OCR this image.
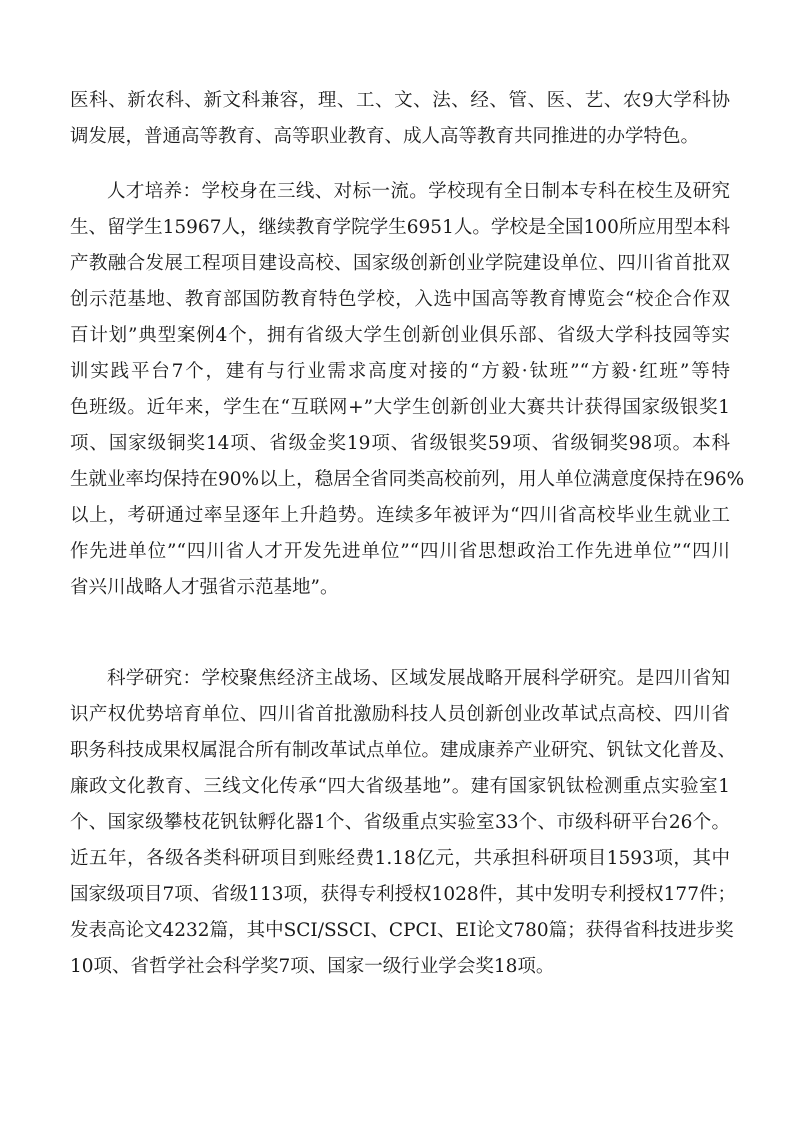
医科、新农科、新文科兼容，理、工、文、法、经、管、医、艺、农9大学科协
调发展，普通高等教育、高等职业教育、成人高等教育共同推进的办学特色。
人才培养：学校身在三线、对标一流。学校现有全日制本专科在校生及研究
生、留学生15967人，继续教育学院学生6951人。学校是全国100所应用型本科
产教融合发展工程项目建设高校、国家级创新创业学院建设单位、四川省首批双
创示范基地、教育部国防教育特色学校，入选中国高等教育博览会“校企合作双
百计划”典型案例4个，拥有省级大学生创新创业俱乐部、省级大学科技园等实
训实践平台7个，建有与行业需求高度对接的“方毅·钛班”“方毅·红班”等特
色班级。近年来，学生在“互联网+”大学生创新创业大赛共计获得国家级银奖1
项、国家级铜奖14项、省级金奖19项、省级银奖59项、省级铜奖98项。本科
生就业率均保持在90%以上，稳居全省同类高校前列，用人单位满意度保持在96%
以上，考研通过率呈逐年上升趋势。连续多年被评为“四川省高校毕业生就业工
作先进单位”“四川省人才开发先进单位”“四川省思想政治工作先进单位”“四川
省兴川战略人才强省示范基地”。
科学研究：学校聚焦经济主战场、区域发展战略开展科学研究。是四川省知
识产权优势培育单位、四川省首批激励科技人员创新创业改革试点高校、四川省
职务科技成果权属混合所有制改革试点单位。建成康养产业研究、钒钛文化普及、
廉政文化教育、三线文化传承“四大省级基地”。建有国家钒钛检测重点实验室1
个、国家级攀枝花钒钛孵化器1个、省级重点实验室33个、市级科研平台26个。
近五年，各级各类科研项目到账经费1.18亿元，共承担科研项目1593项，其中
国家级项目7项、省级113项，获得专利授权1028件，其中发明专利授权177件；
发表高论文4232篇，其中SCI/SSCI、CPCI、EI论文780篇；获得省科技进步奖
10项、省哲学社会科学奖7项、国家一级行业学会奖18项。
